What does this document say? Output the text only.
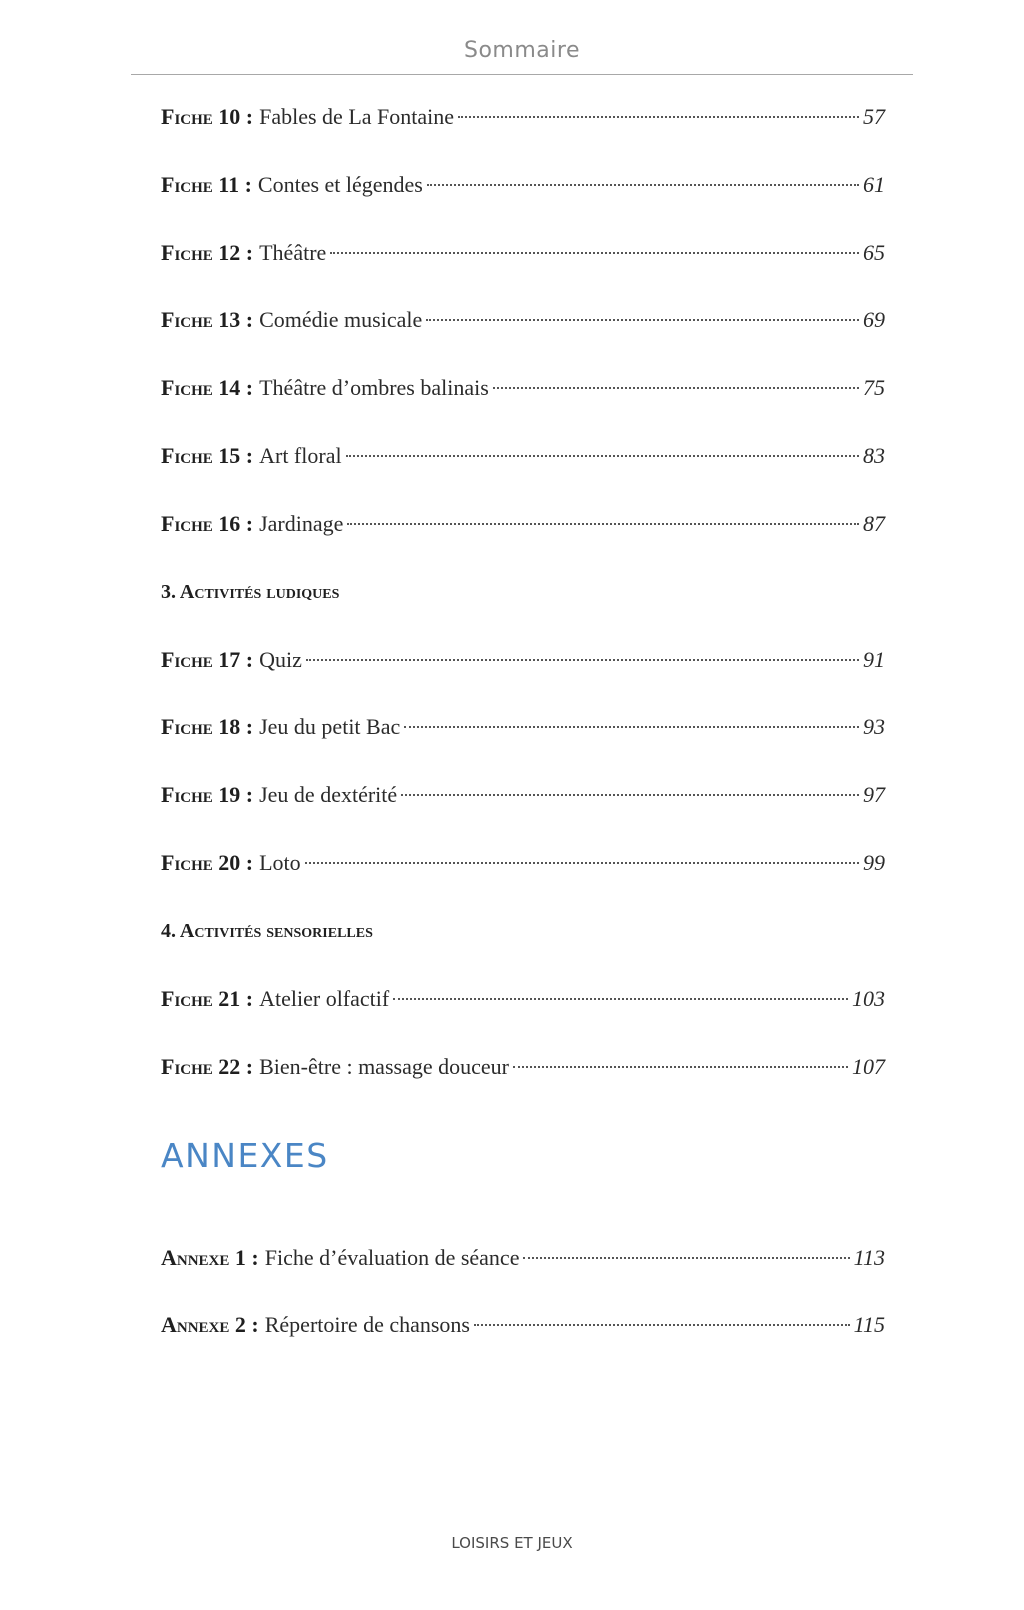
Sommaire
Fiche 10 : Fables de La Fontaine	57
Fiche 11 : Contes et légendes	61
Fiche 12 : Théâtre	65
Fiche 13 : Comédie musicale	69
Fiche 14 : Théâtre d’ombres balinais	75
Fiche 15 : Art floral	83
Fiche 16 : Jardinage	87
3. Activités ludiques
Fiche 17 : Quiz	91
Fiche 18 : Jeu du petit Bac	93
Fiche 19 : Jeu de dextérité	97
Fiche 20 : Loto	99
4. Activités sensorielles
Fiche 21 : Atelier olfactif	103
Fiche 22 : Bien-être : massage douceur	107
Annexe 1 : Fiche d’évaluation de séance	113
Annexe 2 : Répertoire de chansons	115
ANNEXES
LOISIRS ET JEUX
